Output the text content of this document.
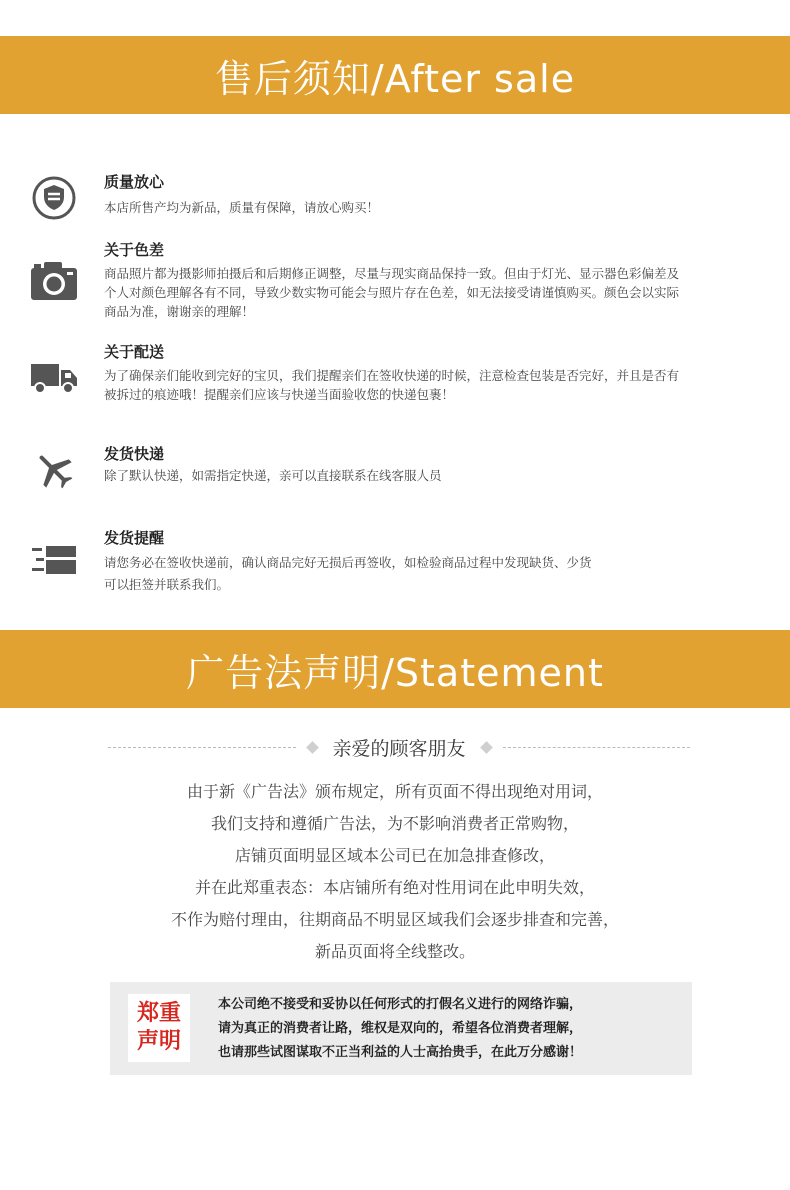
售后须知/After sale
质量放心
本店所售产均为新品，质量有保障，请放心购买！
关于色差
商品照片都为摄影师拍摄后和后期修正调整，尽量与现实商品保持一致。但由于灯光、显示器色彩偏差及
个人对颜色理解各有不同，导致少数实物可能会与照片存在色差，如无法接受请谨慎购买。颜色会以实际
商品为准，谢谢亲的理解！
关于配送
为了确保亲们能收到完好的宝贝，我们提醒亲们在签收快递的时候，注意检查包装是否完好，并且是否有
被拆过的痕迹哦！提醒亲们应该与快递当面验收您的快递包裹！
发货快递
除了默认快递，如需指定快递，亲可以直接联系在线客服人员
发货提醒
请您务必在签收快递前，确认商品完好无损后再签收，如检验商品过程中发现缺货、少货
可以拒签并联系我们。
广告法声明/Statement
亲爱的顾客朋友
由于新《广告法》颁布规定，所有页面不得出现绝对用词，
我们支持和遵循广告法，为不影响消费者正常购物，
店铺页面明显区域本公司已在加急排查修改，
并在此郑重表态：本店铺所有绝对性用词在此申明失效，
不作为赔付理由，往期商品不明显区域我们会逐步排查和完善，
新品页面将全线整改。
郑重
声明
本公司绝不接受和妥协以任何形式的打假名义进行的网络诈骗，
请为真正的消费者让路，维权是双向的，希望各位消费者理解，
也请那些试图谋取不正当利益的人士高抬贵手，在此万分感谢！
